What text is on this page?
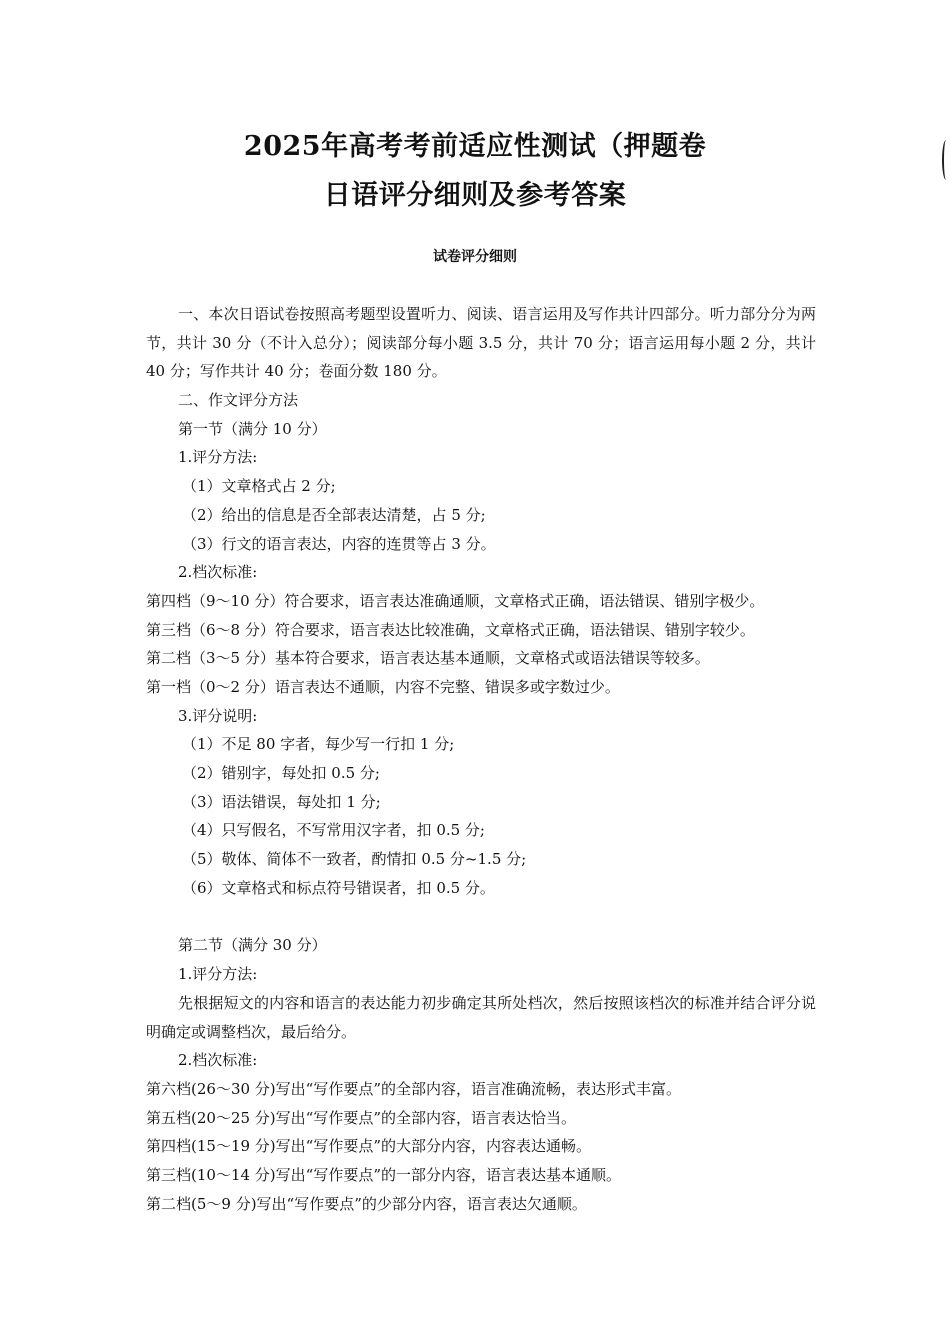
2025年高考考前适应性测试（押题卷
日语评分细则及参考答案
试卷评分细则
一、本次日语试卷按照高考题型设置听力、阅读、语言运用及写作共计四部分。听力部分分为两节，共计 30 分（不计入总分）；阅读部分每小题 3.5 分，共计 70 分；语言运用每小题 2 分，共计 40 分；写作共计 40 分；卷面分数 180 分。
二、作文评分方法
第一节（满分 10 分）
1.评分方法:
（1）文章格式占 2 分;
（2）给出的信息是否全部表达清楚，占 5 分;
（3）行文的语言表达，内容的连贯等占 3 分。
2.档次标准:
第四档（9～10 分）符合要求，语言表达准确通顺，文章格式正确，语法错误、错别字极少。
第三档（6～8 分）符合要求，语言表达比较准确，文章格式正确，语法错误、错别字较少。
第二档（3～5 分）基本符合要求，语言表达基本通顺，文章格式或语法错误等较多。
第一档（0～2 分）语言表达不通顺，内容不完整、错误多或字数过少。
3.评分说明:
（1）不足 80 字者，每少写一行扣 1 分;
（2）错别字，每处扣 0.5 分;
（3）语法错误，每处扣 1 分;
（4）只写假名，不写常用汉字者，扣 0.5 分;
（5）敬体、简体不一致者，酌情扣 0.5 分~1.5 分;
（6）文章格式和标点符号错误者，扣 0.5 分。
第二节（满分 30 分）
1.评分方法:
先根据短文的内容和语言的表达能力初步确定其所处档次，然后按照该档次的标准并结合评分说明确定或调整档次，最后给分。
2.档次标准:
第六档(26～30 分)写出“写作要点”的全部内容，语言准确流畅，表达形式丰富。
第五档(20～25 分)写出“写作要点”的全部内容，语言表达恰当。
第四档(15～19 分)写出“写作要点”的大部分内容，内容表达通畅。
第三档(10～14 分)写出“写作要点”的一部分内容，语言表达基本通顺。
第二档(5～9 分)写出“写作要点”的少部分内容，语言表达欠通顺。
